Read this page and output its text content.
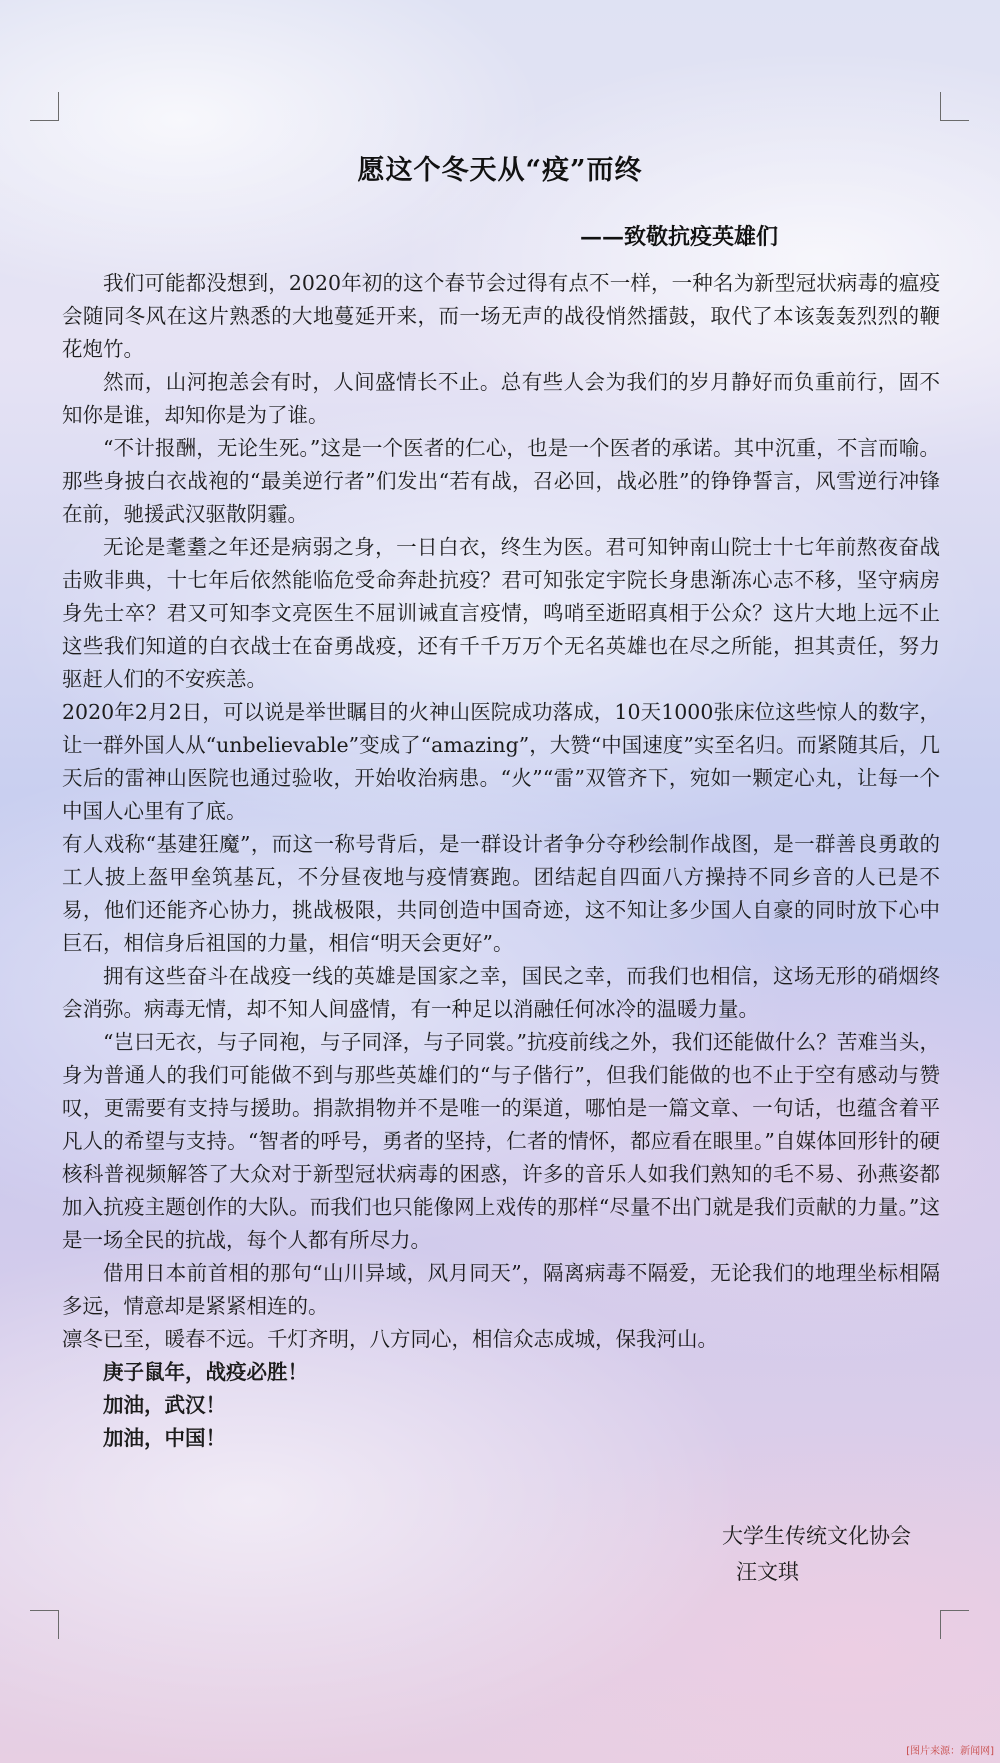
愿这个冬天从“疫”而终
——致敬抗疫英雄们

我们可能都没想到，2020年初的这个春节会过得有点不一样，一种名为新型冠状病毒的瘟疫会随同冬风在这片熟悉的大地蔓延开来，而一场无声的战役悄然擂鼓，取代了本该轰轰烈烈的鞭花炮竹。

然而，山河抱恙会有时，人间盛情长不止。总有些人会为我们的岁月静好而负重前行，固不知你是谁，却知你是为了谁。

“不计报酬，无论生死。”这是一个医者的仁心，也是一个医者的承诺。其中沉重，不言而喻。那些身披白衣战袍的“最美逆行者”们发出“若有战，召必回，战必胜”的铮铮誓言，风雪逆行冲锋在前，驰援武汉驱散阴霾。

无论是耄耋之年还是病弱之身，一日白衣，终生为医。君可知钟南山院士十七年前熬夜奋战击败非典，十七年后依然能临危受命奔赴抗疫？君可知张定宇院长身患渐冻心志不移，坚守病房身先士卒？君又可知李文亮医生不屈训诫直言疫情，鸣哨至逝昭真相于公众？这片大地上远不止这些我们知道的白衣战士在奋勇战疫，还有千千万万个无名英雄也在尽之所能，担其责任，努力驱赶人们的不安疾恙。

2020年2月2日，可以说是举世瞩目的火神山医院成功落成，10天1000张床位这些惊人的数字，让一群外国人从“unbelievable”变成了“amazing”，大赞“中国速度”实至名归。而紧随其后，几天后的雷神山医院也通过验收，开始收治病患。“火”“雷”双管齐下，宛如一颗定心丸，让每一个中国人心里有了底。

有人戏称“基建狂魔”，而这一称号背后，是一群设计者争分夺秒绘制作战图，是一群善良勇敢的工人披上盔甲垒筑基瓦，不分昼夜地与疫情赛跑。团结起自四面八方操持不同乡音的人已是不易，他们还能齐心协力，挑战极限，共同创造中国奇迹，这不知让多少国人自豪的同时放下心中巨石，相信身后祖国的力量，相信“明天会更好”。

拥有这些奋斗在战疫一线的英雄是国家之幸，国民之幸，而我们也相信，这场无形的硝烟终会消弥。病毒无情，却不知人间盛情，有一种足以消融任何冰冷的温暖力量。

“岂曰无衣，与子同袍，与子同泽，与子同裳。”抗疫前线之外，我们还能做什么？苦难当头，身为普通人的我们可能做不到与那些英雄们的“与子偕行”，但我们能做的也不止于空有感动与赞叹，更需要有支持与援助。捐款捐物并不是唯一的渠道，哪怕是一篇文章、一句话，也蕴含着平凡人的希望与支持。“智者的呼号，勇者的坚持，仁者的情怀，都应看在眼里。”自媒体回形针的硬核科普视频解答了大众对于新型冠状病毒的困惑，许多的音乐人如我们熟知的毛不易、孙燕姿都加入抗疫主题创作的大队。而我们也只能像网上戏传的那样“尽量不出门就是我们贡献的力量。”这是一场全民的抗战，每个人都有所尽力。

借用日本前首相的那句“山川异域，风月同天”，隔离病毒不隔爱，无论我们的地理坐标相隔多远，情意却是紧紧相连的。

凛冬已至，暖春不远。千灯齐明，八方同心，相信众志成城，保我河山。

庚子鼠年，战疫必胜！

加油，武汉！

加油，中国！

大学生传统文化协会
汪文琪
[图片来源：新闻网]
